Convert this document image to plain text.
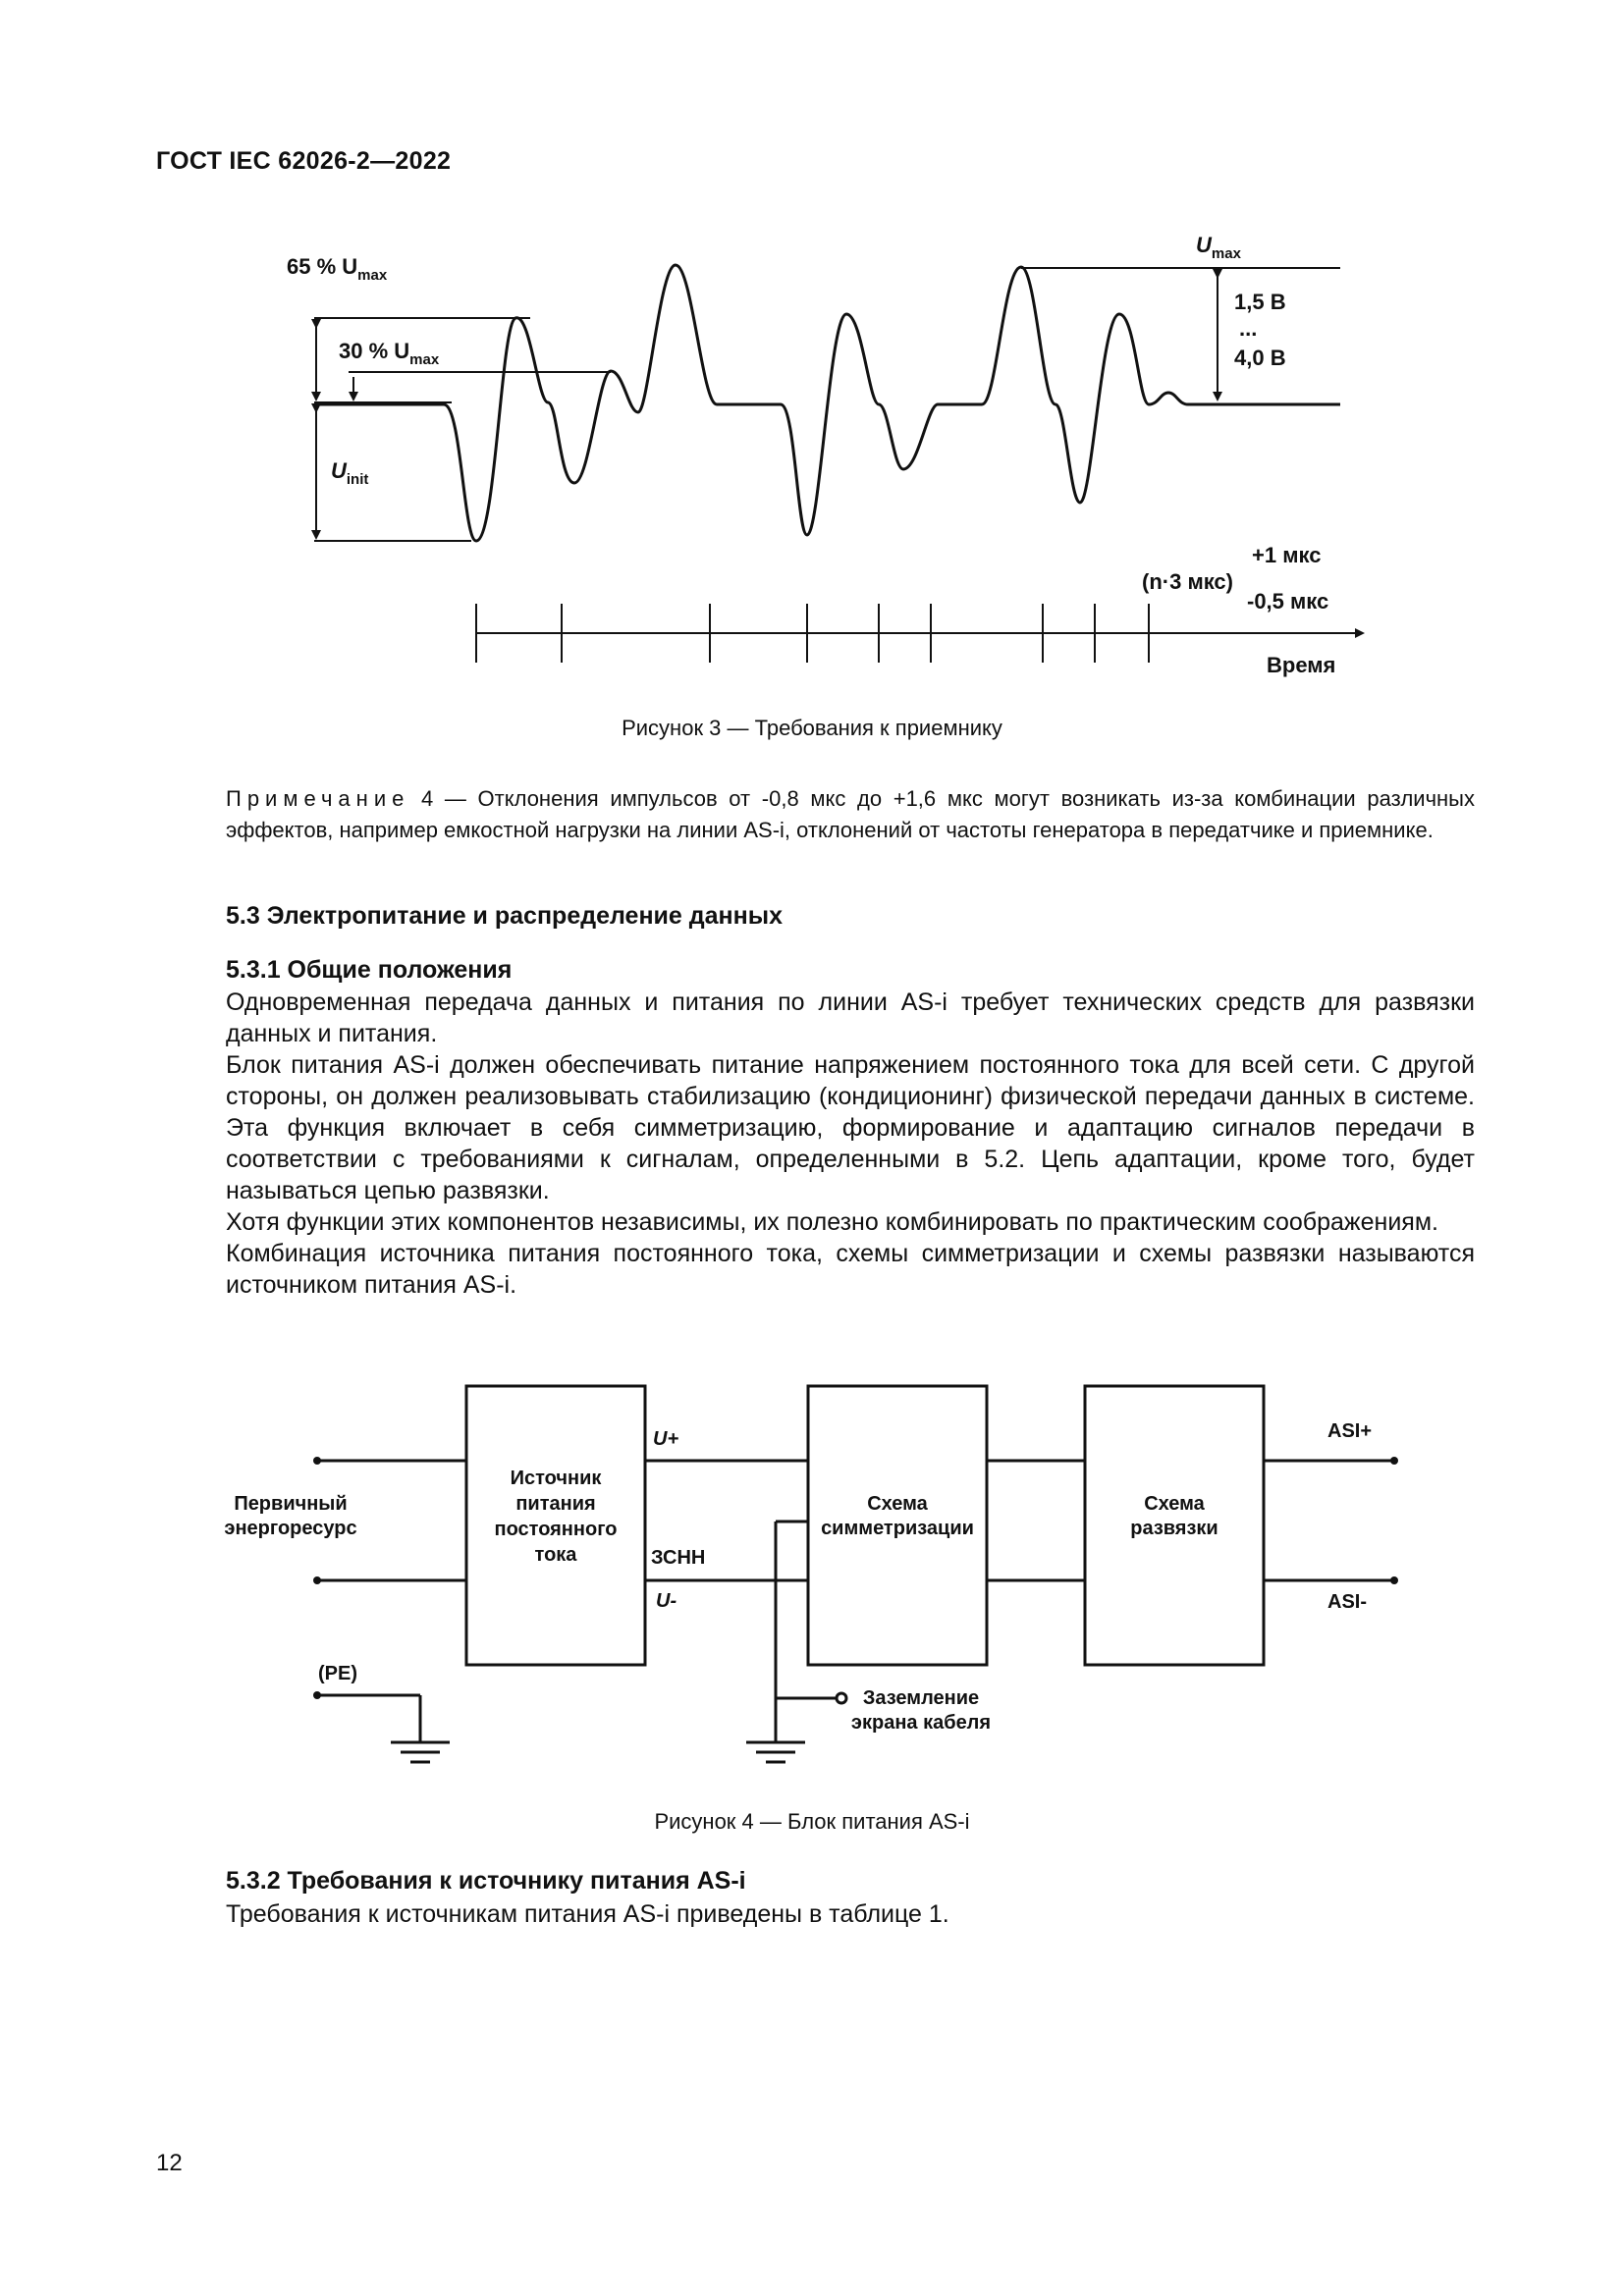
ГОСТ IEC 62026-2—2022
65 % $U_{max}$
30 % $U_{max}$
$U_{init}$
$U_{max}$
1,5 В
...
4,0 В
+1 мкс
(n·3 мкс)
-0,5 мкс
Время
Рисунок 3 — Требования к приемнику
Примечание 4 — Отклонения импульсов от -0,8 мкс до +1,6 мкс могут возникать из-за комбинации различных эффектов, например емкостной нагрузки на линии AS-i, отклонений от частоты генератора в передатчике и приемнике.
5.3 Электропитание и распределение данных
5.3.1 Общие положения

Одновременная передача данных и питания по линии AS-i требует технических средств для развязки данных и питания.

Блок питания AS-i должен обеспечивать питание напряжением постоянного тока для всей сети. С другой стороны, он должен реализовывать стабилизацию (кондиционинг) физической передачи данных в системе. Эта функция включает в себя симметризацию, формирование и адаптацию сигналов передачи в соответствии с требованиями к сигналам, определенными в 5.2. Цепь адаптации, кроме того, будет называться цепью развязки.

Хотя функции этих компонентов независимы, их полезно комбинировать по практическим соображениям.

Комбинация источника питания постоянного тока, схемы симметризации и схемы развязки называются источником питания AS-i.

Первичный
энергоресурс
Источник
питания
постоянного
тока
U+
ЗСНН
U-
Схема
симметризации
Схема
развязки
ASI+
ASI-
(PE)
Заземление
экрана кабеля
Рисунок 4 — Блок питания AS-i
5.3.2 Требования к источнику питания AS-i

Требования к источникам питания AS-i приведены в таблице 1.

12
